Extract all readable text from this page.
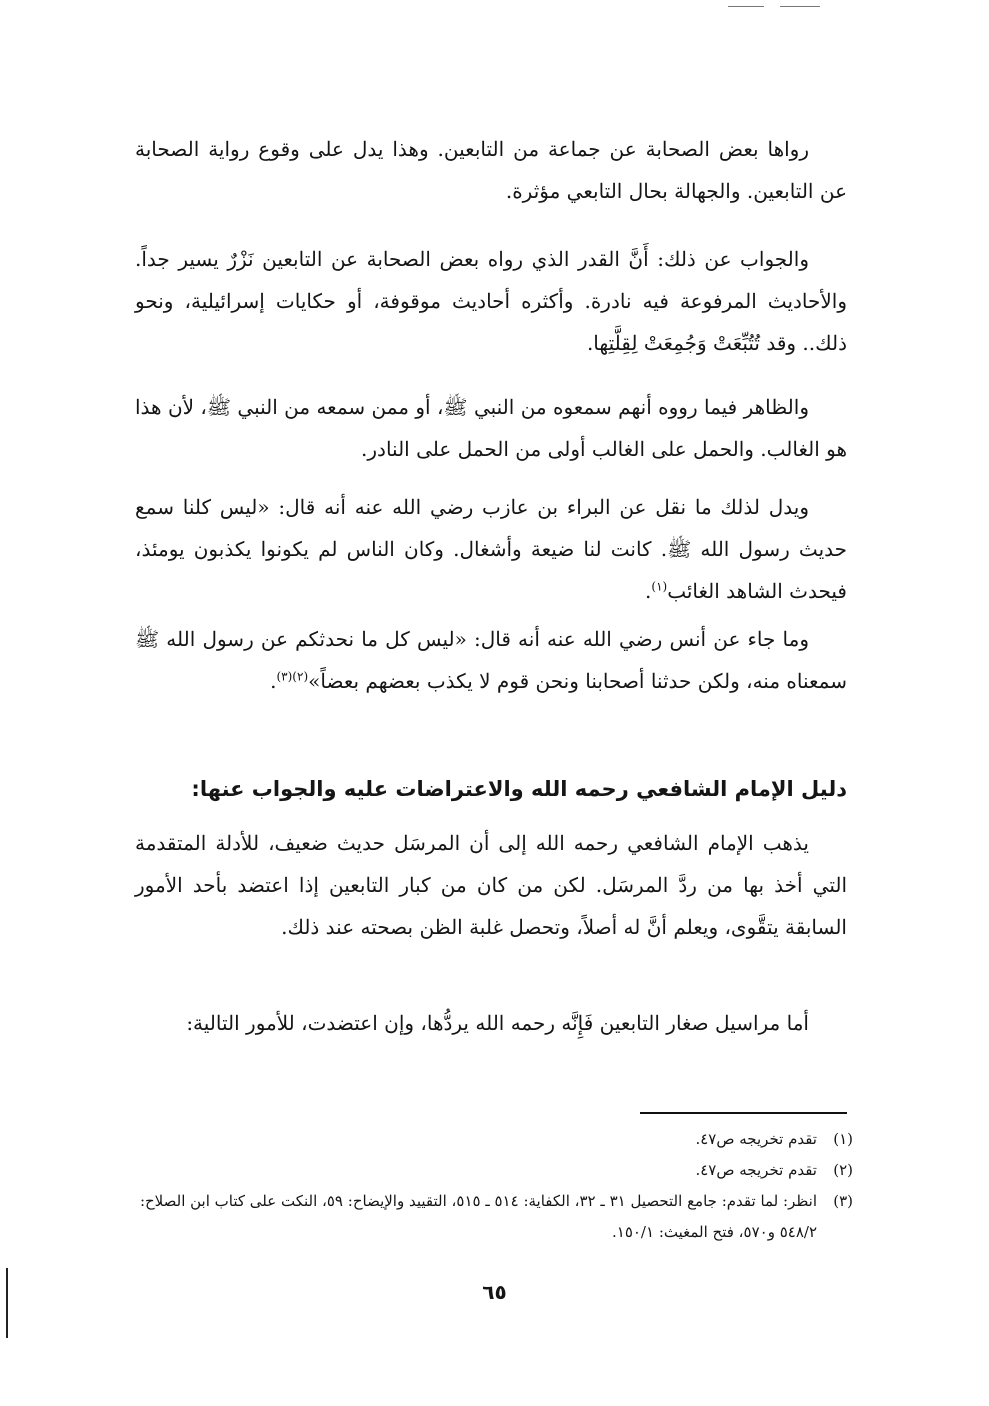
رواها بعض الصحابة عن جماعة من التابعين. وهذا يدل على وقوع رواية الصحابة عن التابعين. والجهالة بحال التابعي مؤثرة.

والجواب عن ذلك: أَنَّ القدر الذي رواه بعض الصحابة عن التابعين نَزْرٌ يسير جداً. والأحاديث المرفوعة فيه نادرة. وأكثره أحاديث موقوفة، أو حكايات إسرائيلية، ونحو ذلك.. وقد تُتُبِّعَتْ وَجُمِعَتْ لِقِلَّتِها.

والظاهر فيما رووه أنهم سمعوه من النبي ﷺ، أو ممن سمعه من النبي ﷺ، لأن هذا هو الغالب. والحمل على الغالب أولى من الحمل على النادر.

ويدل لذلك ما نقل عن البراء بن عازب رضي الله عنه أنه قال: «ليس كلنا سمع حديث رسول الله ﷺ. كانت لنا ضيعة وأشغال. وكان الناس لم يكونوا يكذبون يومئذ، فيحدث الشاهد الغائب$^{(١)}$.

وما جاء عن أنس رضي الله عنه أنه قال: «ليس كل ما نحدثكم عن رسول الله ﷺ سمعناه منه، ولكن حدثنا أصحابنا ونحن قوم لا يكذب بعضهم بعضاً»$^{(٢)(٣)}$.

دليل الإمام الشافعي رحمه الله والاعتراضات عليه والجواب عنها:

يذهب الإمام الشافعي رحمه الله إلى أن المرسَل حديث ضعيف، للأدلة المتقدمة التي أخذ بها من ردَّ المرسَل. لكن من كان من كبار التابعين إذا اعتضد بأحد الأمور السابقة يتقَّوى، ويعلم أنَّ له أصلاً، وتحصل غلبة الظن بصحته عند ذلك.

أما مراسيل صغار التابعين فَإِنَّه رحمه الله يردُّها، وإن اعتضدت، للأمور التالية:

(١)
تقدم تخريجه ص٤٧.

(٢)
تقدم تخريجه ص٤٧.

(٣)
انظر: لما تقدم: جامع التحصيل ٣١ ـ ٣٢، الكفاية: ٥١٤ ـ ٥١٥، التقييد والإيضاح: ٥٩، النكت على كتاب ابن الصلاح: ٥٤٨/٢ و٥٧٠، فتح المغيث: ١٥٠/١.

٦٥
